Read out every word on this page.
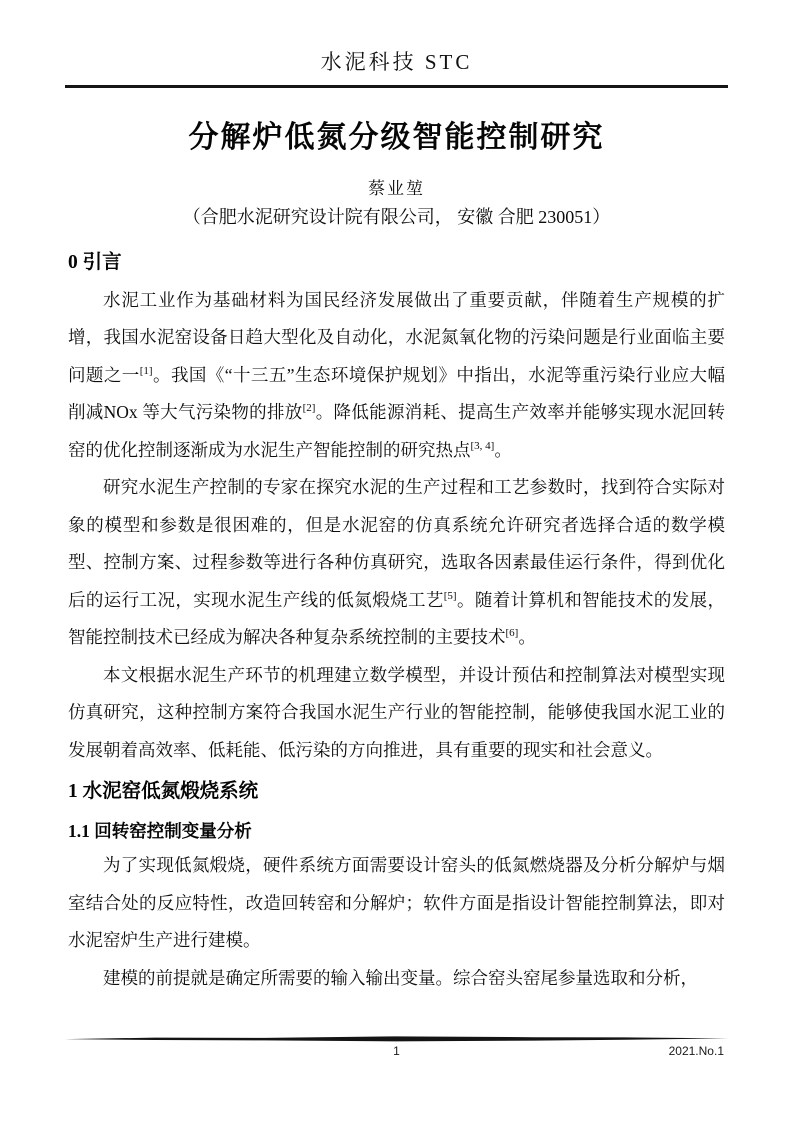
水泥科技 STC
分解炉低氮分级智能控制研究
蔡业堃
（合肥水泥研究设计院有限公司， 安徽 合肥 230051）
0 引言

水泥工业作为基础材料为国民经济发展做出了重要贡献，伴随着生产规模的扩增，我国水泥窑设备日趋大型化及自动化，水泥氮氧化物的污染问题是行业面临主要问题之一[1]。我国《“十三五”生态环境保护规划》中指出，水泥等重污染行业应大幅削减NOx 等大气污染物的排放[2]。降低能源消耗、提高生产效率并能够实现水泥回转窑的优化控制逐渐成为水泥生产智能控制的研究热点[3, 4]。

研究水泥生产控制的专家在探究水泥的生产过程和工艺参数时，找到符合实际对象的模型和参数是很困难的，但是水泥窑的仿真系统允许研究者选择合适的数学模型、控制方案、过程参数等进行各种仿真研究，选取各因素最佳运行条件，得到优化后的运行工况，实现水泥生产线的低氮煅烧工艺[5]。随着计算机和智能技术的发展，智能控制技术已经成为解决各种复杂系统控制的主要技术[6]。

本文根据水泥生产环节的机理建立数学模型，并设计预估和控制算法对模型实现仿真研究，这种控制方案符合我国水泥生产行业的智能控制，能够使我国水泥工业的发展朝着高效率、低耗能、低污染的方向推进，具有重要的现实和社会意义。

1 水泥窑低氮煅烧系统
1.1 回转窑控制变量分析

为了实现低氮煅烧，硬件系统方面需要设计窑头的低氮燃烧器及分析分解炉与烟室结合处的反应特性，改造回转窑和分解炉；软件方面是指设计智能控制算法，即对水泥窑炉生产进行建模。

建模的前提就是确定所需要的输入输出变量。综合窑头窑尾参量选取和分析，

1	2021.No.1
